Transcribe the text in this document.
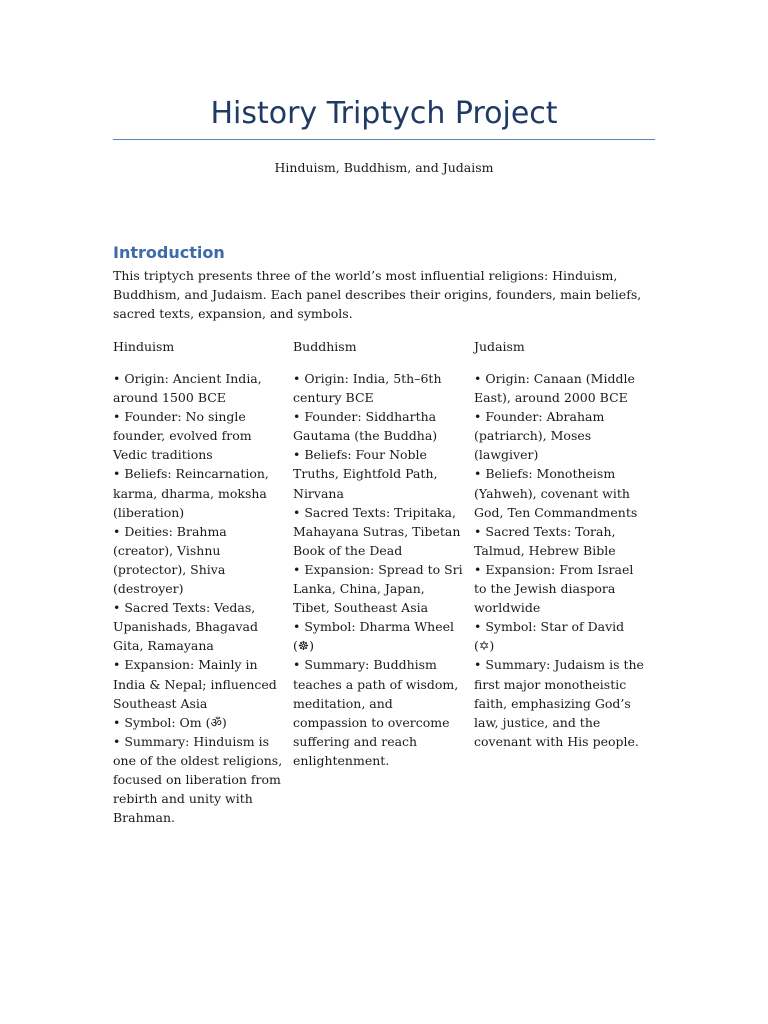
History Triptych Project
Hinduism, Buddhism, and Judaism
Introduction

This triptych presents three of the world’s most influential religions: Hinduism, Buddhism, and Judaism. Each panel describes their origins, founders, main beliefs, sacred texts, expansion, and symbols.

Hinduism	Buddhism	Judaism

• Origin: Ancient India, around 1500 BCE

• Founder: No single founder, evolved from Vedic traditions

• Beliefs: Reincarnation, karma, dharma, moksha (liberation)

• Deities: Brahma (creator), Vishnu (protector), Shiva (destroyer)

• Sacred Texts: Vedas, Upanishads, Bhagavad Gita, Ramayana

• Expansion: Mainly in India & Nepal; influenced Southeast Asia

• Symbol: Om (ॐ)

• Summary: Hinduism is one of the oldest religions, focused on liberation from rebirth and unity with Brahman.

• Origin: India, 5th–6th century BCE

• Founder: Siddhartha Gautama (the Buddha)

• Beliefs: Four Noble Truths, Eightfold Path, Nirvana

• Sacred Texts: Tripitaka, Mahayana Sutras, Tibetan Book of the Dead

• Expansion: Spread to Sri Lanka, China, Japan, Tibet, Southeast Asia

• Symbol: Dharma Wheel (☸)

• Summary: Buddhism teaches a path of wisdom, meditation, and compassion to overcome suffering and reach enlightenment.

• Origin: Canaan (Middle East), around 2000 BCE

• Founder: Abraham (patriarch), Moses (lawgiver)

• Beliefs: Monotheism (Yahweh), covenant with God, Ten Commandments

• Sacred Texts: Torah, Talmud, Hebrew Bible

• Expansion: From Israel to the Jewish diaspora worldwide

• Symbol: Star of David (✡)

• Summary: Judaism is the first major monotheistic faith, emphasizing God’s law, justice, and the covenant with His people.
